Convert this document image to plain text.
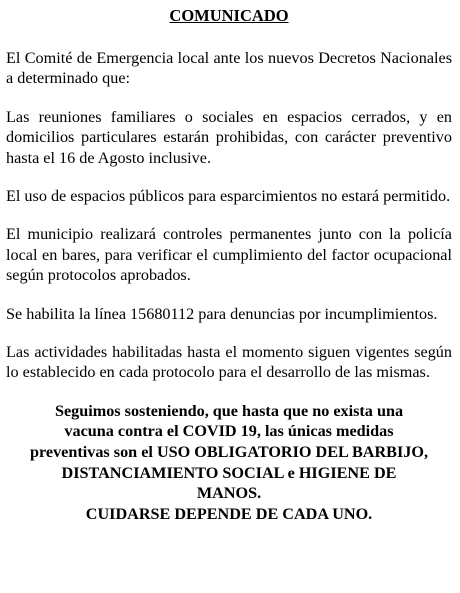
COMUNICADO

El Comité de Emergencia local ante los nuevos Decretos Nacionales a determinado que:

Las reuniones familiares o sociales en espacios cerrados, y en domicilios particulares estarán prohibidas, con carácter preventivo hasta el 16 de Agosto inclusive.

El uso de espacios públicos para esparcimientos no estará permitido.

El municipio realizará controles permanentes junto con la policía local en bares, para verificar el cumplimiento del factor ocupacional según protocolos aprobados.

Se habilita la línea 15680112 para denuncias por incumplimientos.

Las actividades habilitadas hasta el momento siguen vigentes según lo establecido en cada protocolo para el desarrollo de las mismas.

Seguimos sosteniendo, que hasta que no exista una
vacuna contra el COVID 19, las únicas medidas
preventivas son el USO OBLIGATORIO DEL BARBIJO,
DISTANCIAMIENTO SOCIAL e HIGIENE DE
MANOS.
CUIDARSE DEPENDE DE CADA UNO.
